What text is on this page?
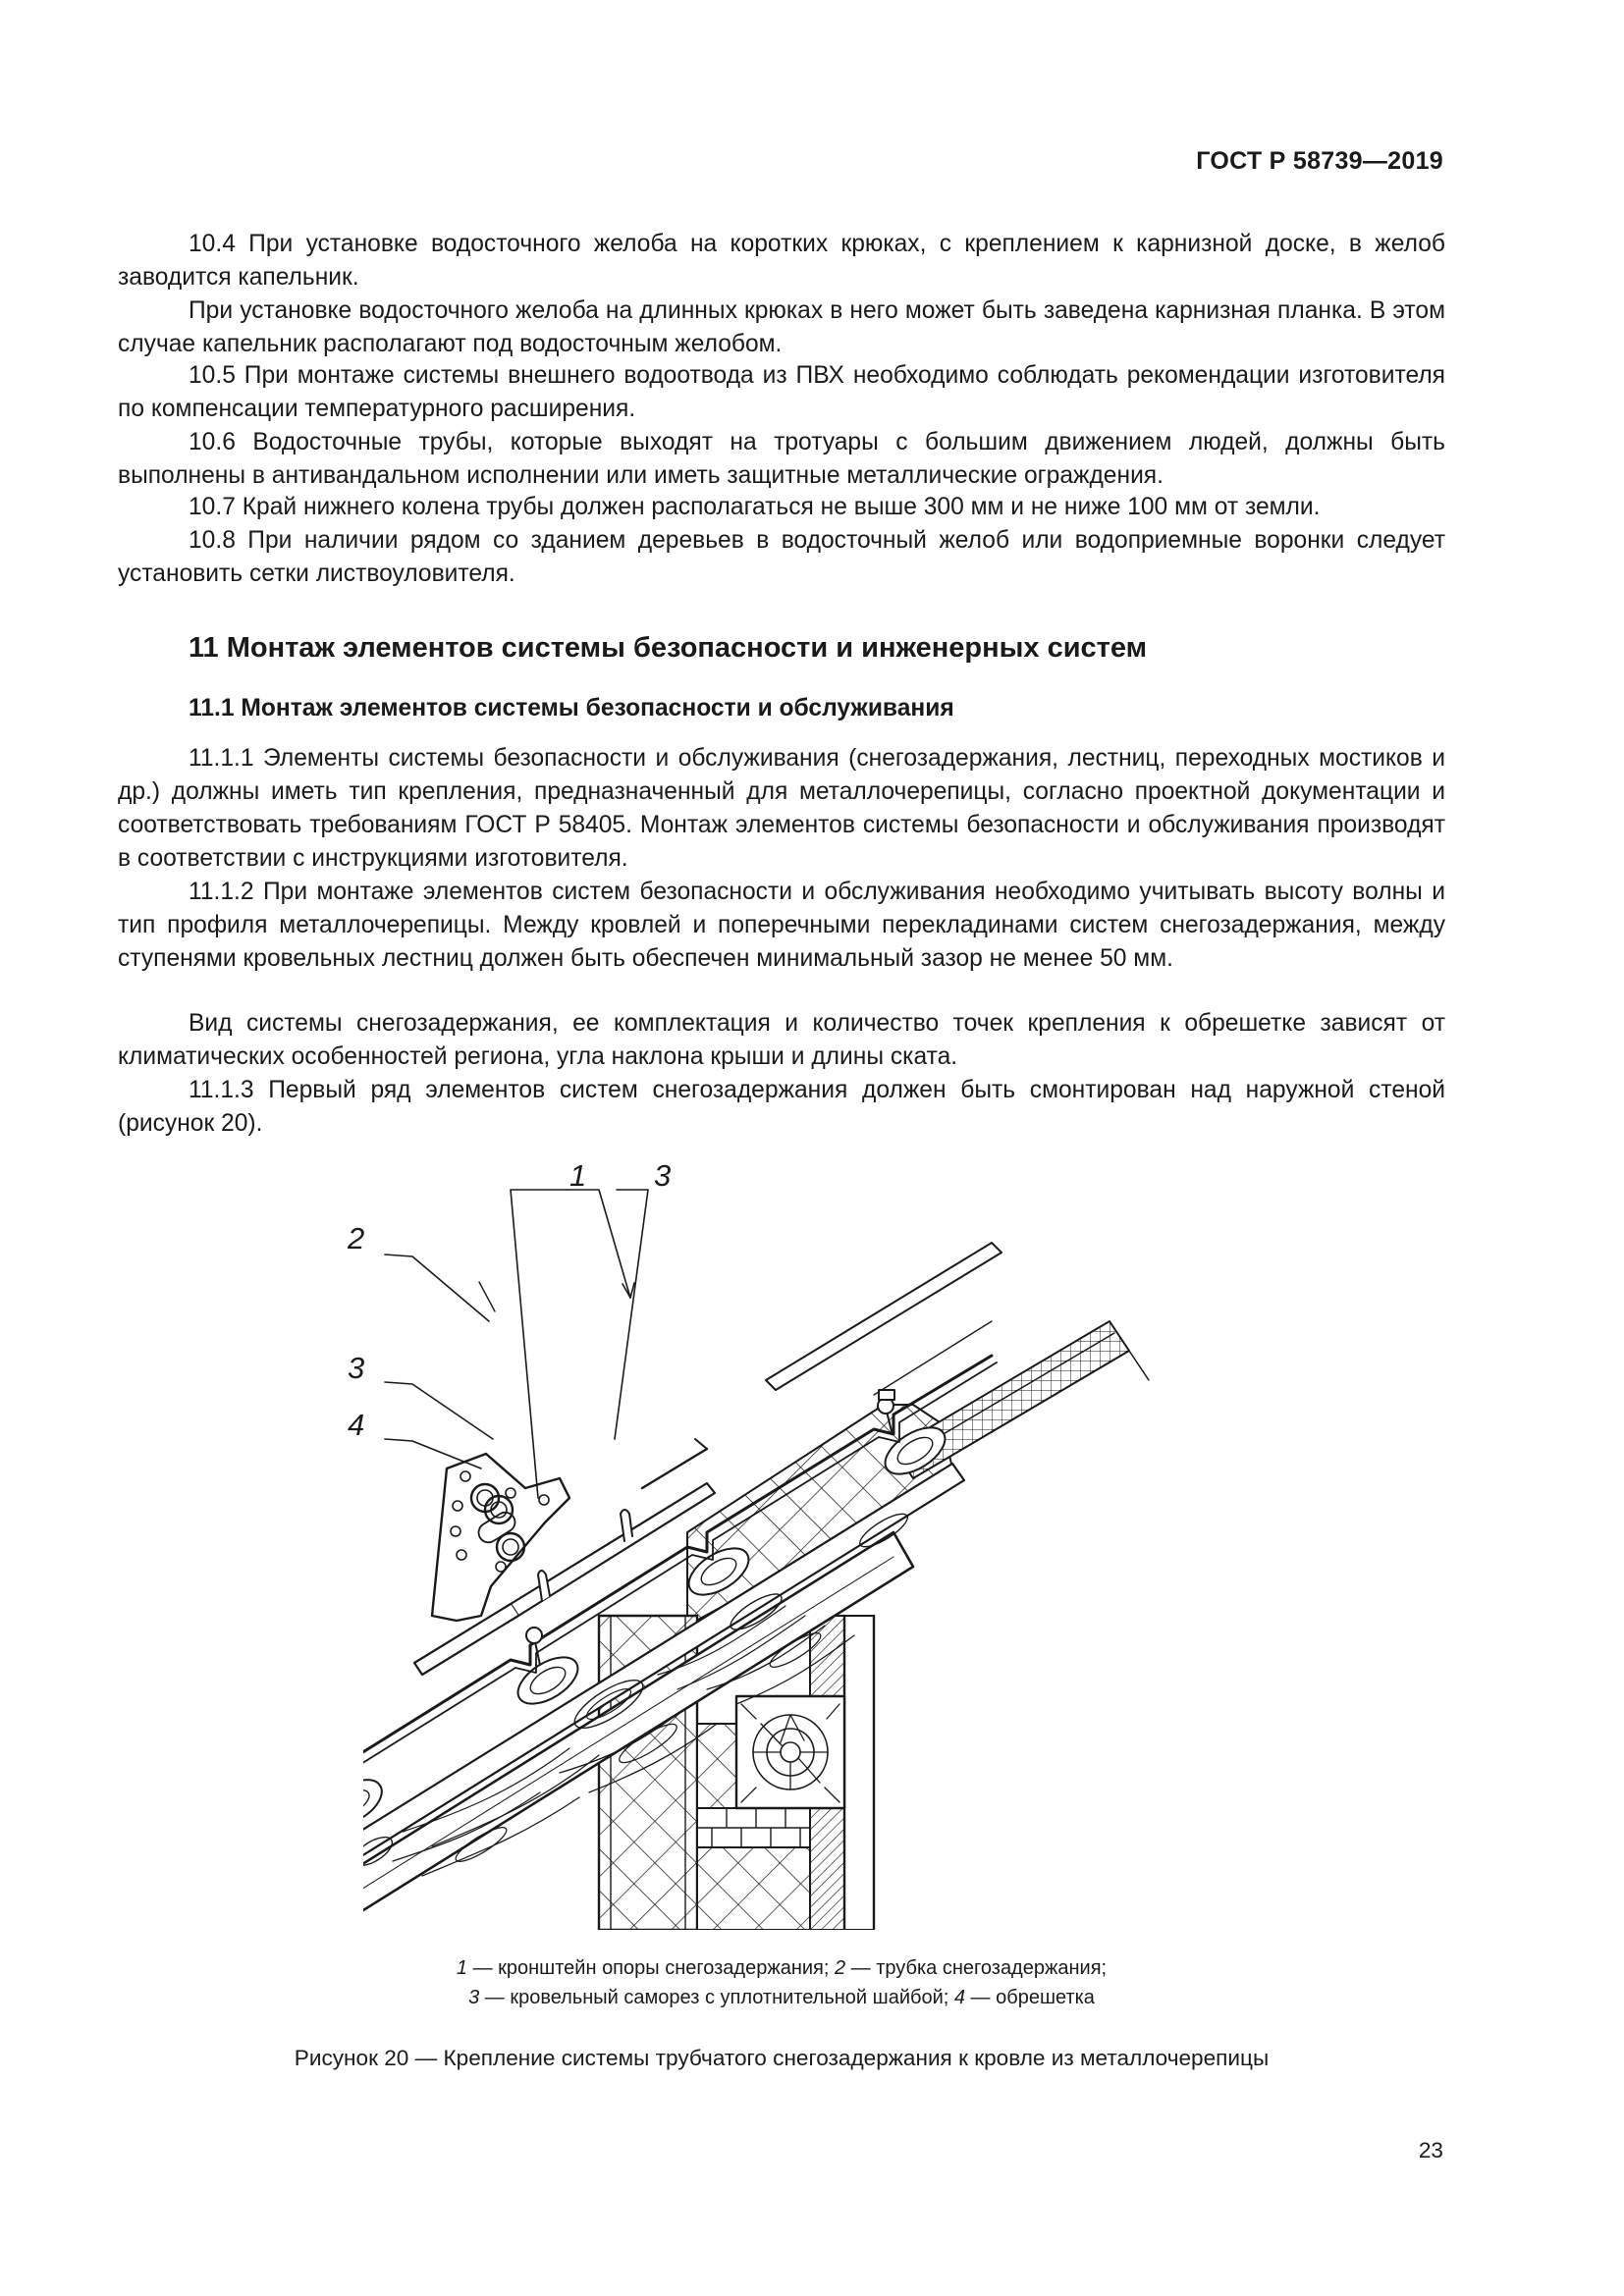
ГОСТ Р 58739—2019

10.4 При установке водосточного желоба на коротких крюках, с креплением к карнизной доске, в желоб заводится капельник.

При установке водосточного желоба на длинных крюках в него может быть заведена карнизная планка. В этом случае капельник располагают под водосточным желобом.

10.5 При монтаже системы внешнего водоотвода из ПВХ необходимо соблюдать рекомендации изготовителя по компенсации температурного расширения.

10.6 Водосточные трубы, которые выходят на тротуары с большим движением людей, должны быть выполнены в антивандальном исполнении или иметь защитные металлические ограждения.

10.7 Край нижнего колена трубы должен располагаться не выше 300 мм и не ниже 100 мм от земли.

10.8 При наличии рядом со зданием деревьев в водосточный желоб или водоприемные воронки следует установить сетки листвоуловителя.

11 Монтаж элементов системы безопасности и инженерных систем
11.1 Монтаж элементов системы безопасности и обслуживания

11.1.1 Элементы системы безопасности и обслуживания (снегозадержания, лестниц, переходных мостиков и др.) должны иметь тип крепления, предназначенный для металлочерепицы, согласно проектной документации и соответствовать требованиям ГОСТ Р 58405. Монтаж элементов системы безопасности и обслуживания производят в соответствии с инструкциями изготовителя.

11.1.2 При монтаже элементов систем безопасности и обслуживания необходимо учитывать высоту волны и тип профиля металлочерепицы. Между кровлей и поперечными перекладинами систем снегозадержания, между ступенями кровельных лестниц должен быть обеспечен минимальный зазор не менее 50 мм.

Вид системы снегозадержания, ее комплектация и количество точек крепления к обрешетке зависят от климатических особенностей региона, угла наклона крыши и длины ската.

11.1.3 Первый ряд элементов систем снегозадержания должен быть смонтирован над наружной стеной (рисунок 20).

1 3
2
3
4
1 — кронштейн опоры снегозадержания; 2 — трубка снегозадержания;
3 — кровельный саморез с уплотнительной шайбой; 4 — обрешетка
Рисунок 20 — Крепление системы трубчатого снегозадержания к кровле из металлочерепицы
23
